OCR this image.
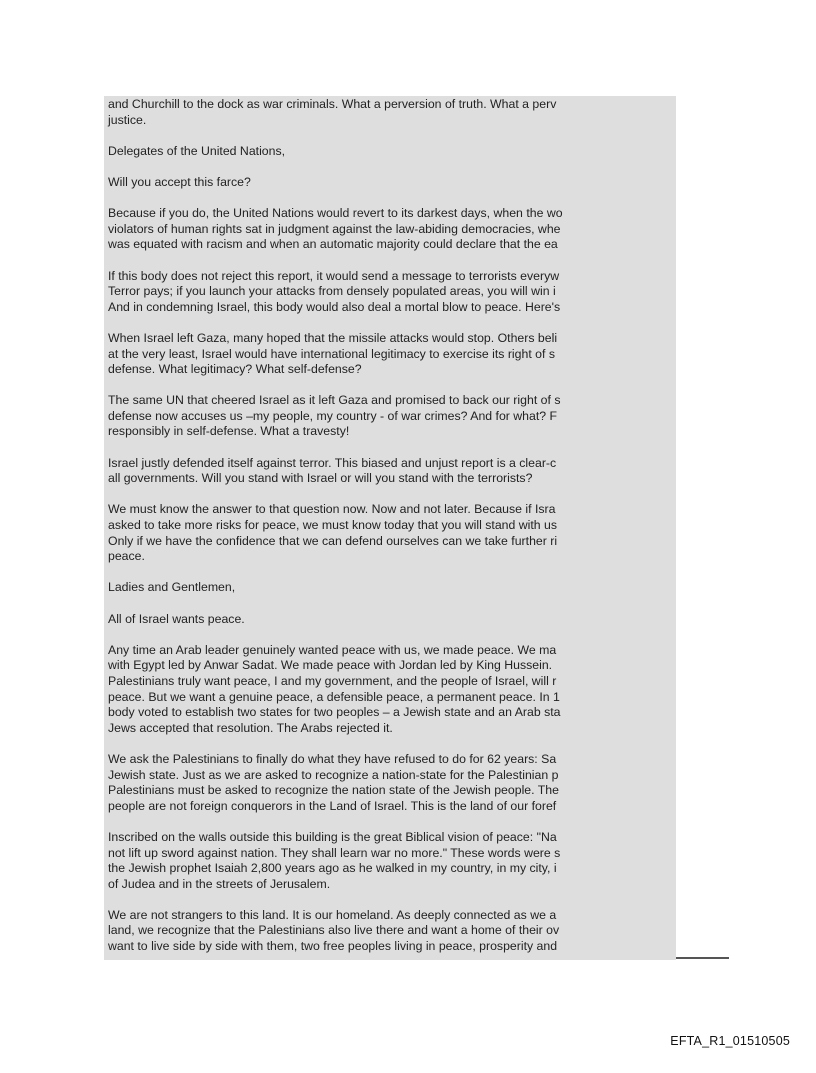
and Churchill to the dock as war criminals. What a perversion of truth. What a perv
justice.
Delegates of the United Nations,
Will you accept this farce?
Because if you do, the United Nations would revert to its darkest days, when the wo
violators of human rights sat in judgment against the law-abiding democracies, whe
was equated with racism and when an automatic majority could declare that the ea
If this body does not reject this report, it would send a message to terrorists everyw
Terror pays; if you launch your attacks from densely populated areas, you will win i
And in condemning Israel, this body would also deal a mortal blow to peace. Here's
When Israel left Gaza, many hoped that the missile attacks would stop. Others beli
at the very least, Israel would have international legitimacy to exercise its right of s
defense. What legitimacy? What self-defense?
The same UN that cheered Israel as it left Gaza and promised to back our right of s
defense now accuses us –my people, my country - of war crimes? And for what? F
responsibly in self-defense. What a travesty!
Israel justly defended itself against terror. This biased and unjust report is a clear-c
all governments. Will you stand with Israel or will you stand with the terrorists?
We must know the answer to that question now. Now and not later. Because if Isra
asked to take more risks for peace, we must know today that you will stand with us
Only if we have the confidence that we can defend ourselves can we take further ri
peace.
Ladies and Gentlemen,
All of Israel wants peace.
Any time an Arab leader genuinely wanted peace with us, we made peace. We ma
with Egypt led by Anwar Sadat. We made peace with Jordan led by King Hussein.
Palestinians truly want peace, I and my government, and the people of Israel, will r
peace. But we want a genuine peace, a defensible peace, a permanent peace. In 1
body voted to establish two states for two peoples – a Jewish state and an Arab sta
Jews accepted that resolution. The Arabs rejected it.
We ask the Palestinians to finally do what they have refused to do for 62 years: Sa
Jewish state. Just as we are asked to recognize a nation-state for the Palestinian p
Palestinians must be asked to recognize the nation state of the Jewish people. The
people are not foreign conquerors in the Land of Israel. This is the land of our foref
Inscribed on the walls outside this building is the great Biblical vision of peace: "Na
not lift up sword against nation. They shall learn war no more." These words were s
the Jewish prophet Isaiah 2,800 years ago as he walked in my country, in my city, i
of Judea and in the streets of Jerusalem.
We are not strangers to this land. It is our homeland. As deeply connected as we a
land, we recognize that the Palestinians also live there and want a home of their ov
want to live side by side with them, two free peoples living in peace, prosperity and
EFTA_R1_01510505
